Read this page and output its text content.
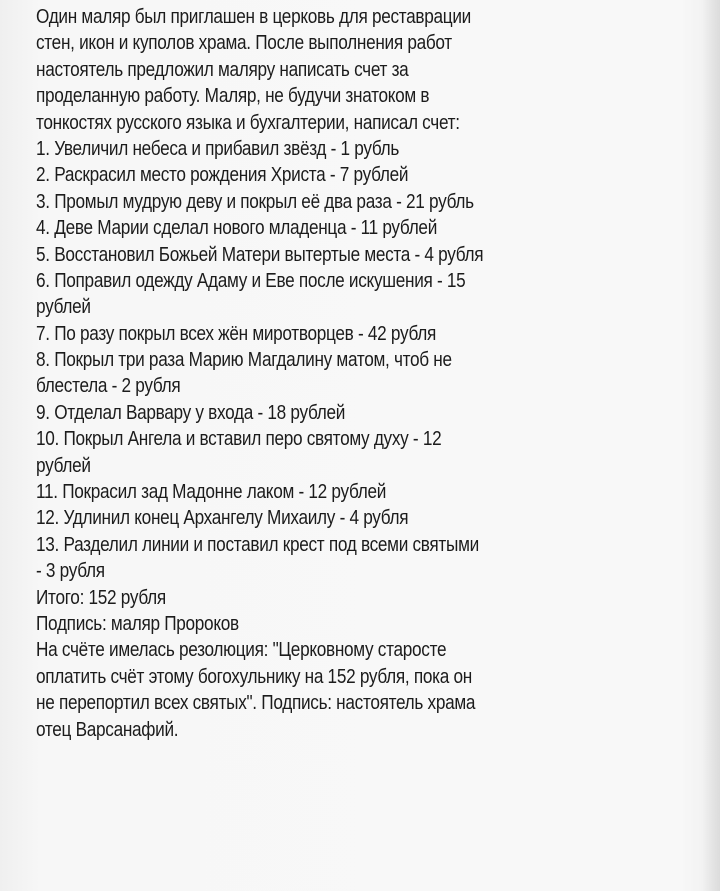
Один маляр был приглашен в церковь для реставрации
стен, икон и куполов храма. После выполнения работ
настоятель предложил маляру написать счет за
проделанную работу. Маляр, не будучи знатоком в
тонкостях русского языка и бухгалтерии, написал счет:
1. Увеличил небеса и прибавил звёзд - 1 рубль
2. Раскрасил место рождения Христа - 7 рублей
3. Промыл мудрую деву и покрыл её два раза - 21 рубль
4. Деве Марии сделал нового младенца - 11 рублей
5. Восстановил Божьей Матери вытертые места - 4 рубля
6. Поправил одежду Адаму и Еве после искушения - 15
рублей
7. По разу покрыл всех жён миротворцев - 42 рубля
8. Покрыл три раза Марию Магдалину матом, чтоб не
блестела - 2 рубля
9. Отделал Варвару у входа - 18 рублей
10. Покрыл Ангела и вставил перо святому духу - 12
рублей
11. Покрасил зад Мадонне лаком - 12 рублей
12. Удлинил конец Архангелу Михаилу - 4 рубля
13. Разделил линии и поставил крест под всеми святыми
- 3 рубля
Итого: 152 рубля
Подпись: маляр Пророков
На счёте имелась резолюция: "Церковному старосте
оплатить счёт этому богохульнику на 152 рубля, пока он
не перепортил всех святых". Подпись: настоятель храма
отец Варсанафий.
